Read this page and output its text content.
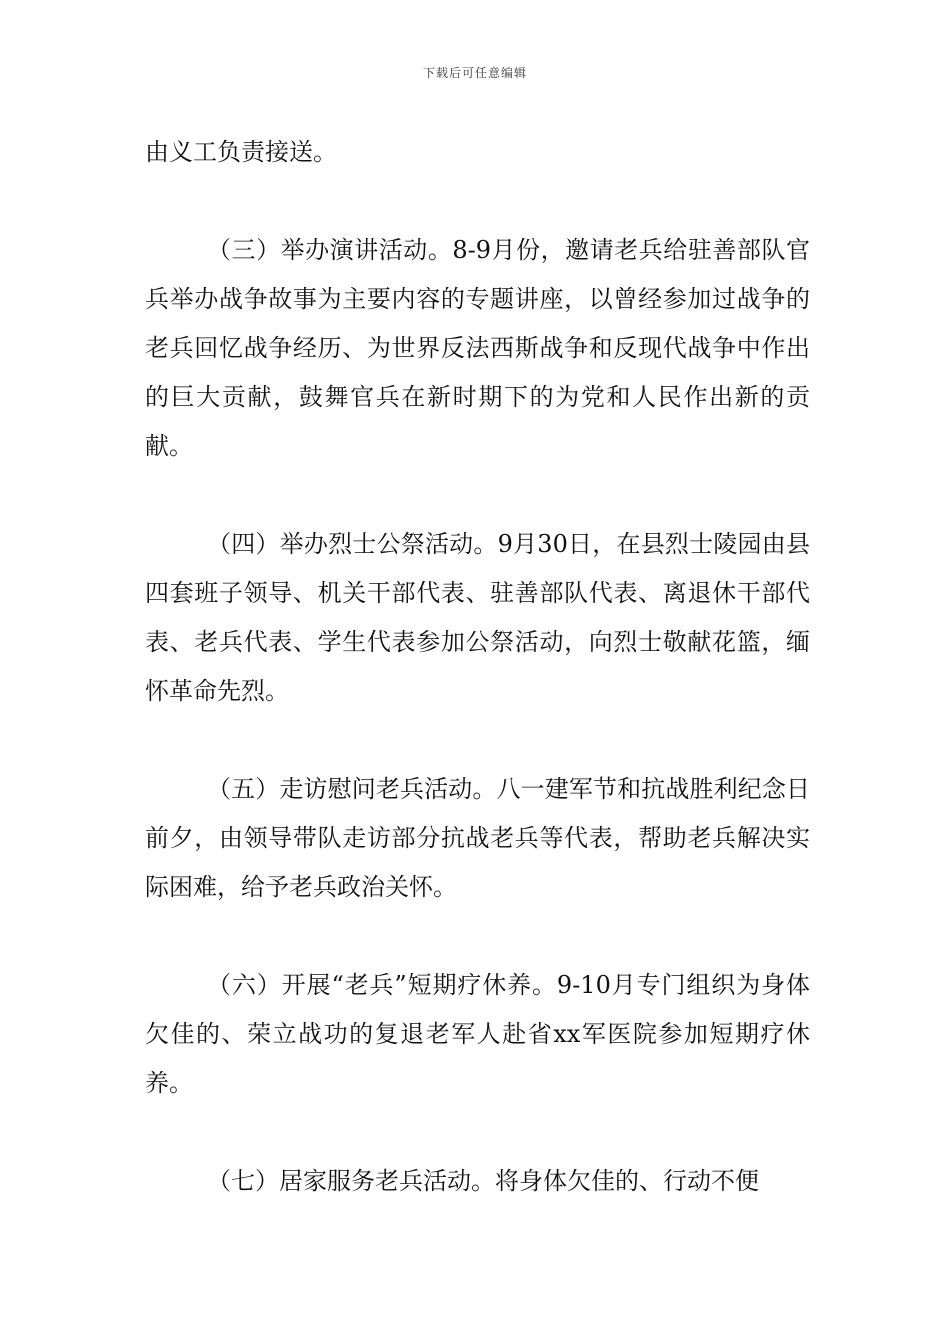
下载后可任意编辑

由义工负责接送。

（三）举办演讲活动。8-9月份，邀请老兵给驻善部队官兵举办战争故事为主要内容的专题讲座，以曾经参加过战争的老兵回忆战争经历、为世界反法西斯战争和反现代战争中作出的巨大贡献，鼓舞官兵在新时期下的为党和人民作出新的贡献。

（四）举办烈士公祭活动。9月30日，在县烈士陵园由县四套班子领导、机关干部代表、驻善部队代表、离退休干部代表、老兵代表、学生代表参加公祭活动，向烈士敬献花篮，缅怀革命先烈。

（五）走访慰问老兵活动。八一建军节和抗战胜利纪念日前夕，由领导带队走访部分抗战老兵等代表，帮助老兵解决实际困难，给予老兵政治关怀。

（六）开展“老兵”短期疗休养。9-10月专门组织为身体欠佳的、荣立战功的复退老军人赴省xx军医院参加短期疗休养。

（七）居家服务老兵活动。将身体欠佳的、行动不便
